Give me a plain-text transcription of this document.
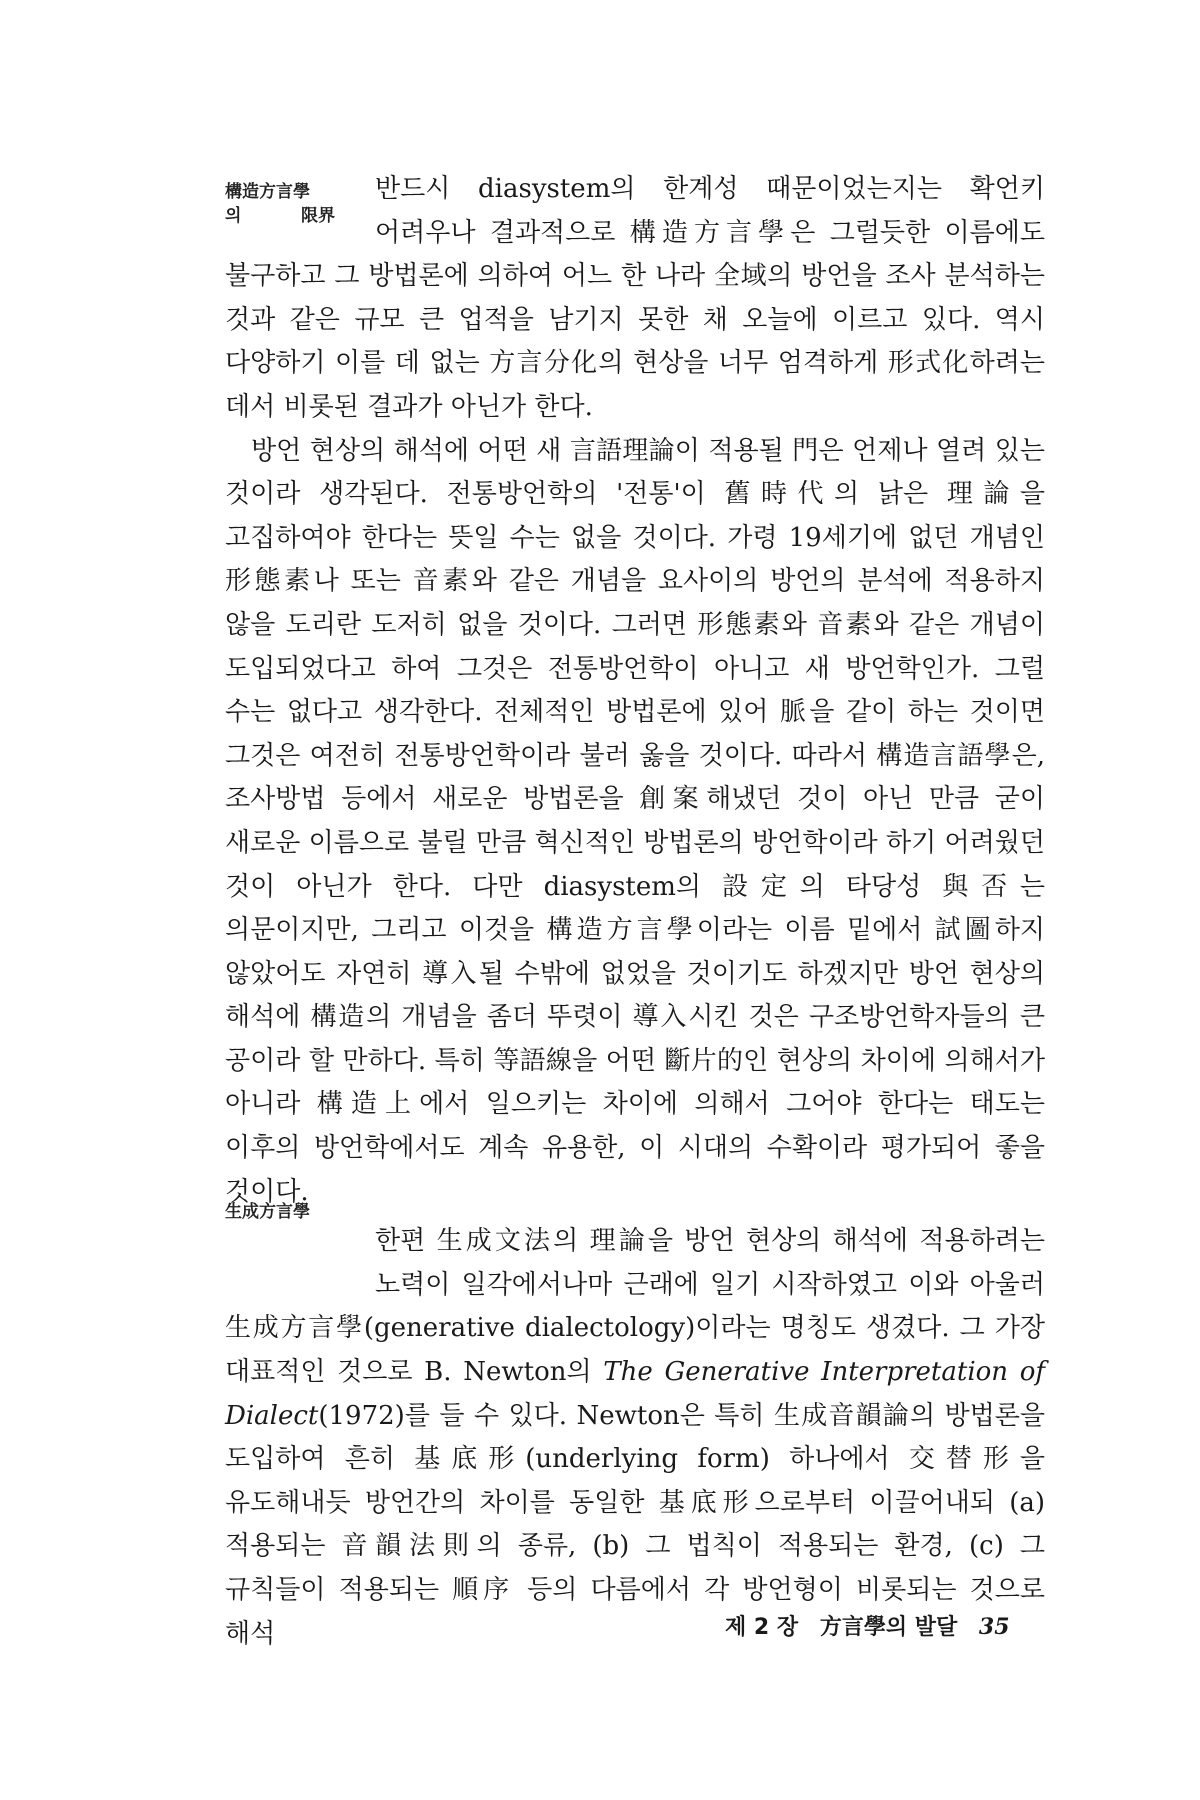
構造方言學
의	限界
生成方言學

반드시 diasystem의 한계성 때문이었는지는 확언키 어려우나 결과적으로 構造方言學은 그럴듯한 이름에도 불구하고 그 방법론에 의하여 어느 한 나라 全域의 방언을 조사 분석하는 것과 같은 규모 큰 업적을 남기지 못한 채 오늘에 이르고 있다. 역시 다양하기 이를 데 없는 方言分化의 현상을 너무 엄격하게 形式化하려는 데서 비롯된 결과가 아닌가 한다.

방언 현상의 해석에 어떤 새 言語理論이 적용될 門은 언제나 열려 있는 것이라 생각된다. 전통방언학의 '전통'이 舊時代의 낡은 理論을 고집하여야 한다는 뜻일 수는 없을 것이다. 가령 19세기에 없던 개념인 形態素나 또는 音素와 같은 개념을 요사이의 방언의 분석에 적용하지 않을 도리란 도저히 없을 것이다. 그러면 形態素와 音素와 같은 개념이 도입되었다고 하여 그것은 전통방언학이 아니고 새 방언학인가. 그럴 수는 없다고 생각한다. 전체적인 방법론에 있어 脈을 같이 하는 것이면 그것은 여전히 전통방언학이라 불러 옳을 것이다. 따라서 構造言語學은, 조사방법 등에서 새로운 방법론을 創案해냈던 것이 아닌 만큼 굳이 새로운 이름으로 불릴 만큼 혁신적인 방법론의 방언학이라 하기 어려웠던 것이 아닌가 한다. 다만 diasystem의 設定의 타당성 與否는 의문이지만, 그리고 이것을 構造方言學이라는 이름 밑에서 試圖하지 않았어도 자연히 導入될 수밖에 없었을 것이기도 하겠지만 방언 현상의 해석에 構造의 개념을 좀더 뚜렷이 導入시킨 것은 구조방언학자들의 큰 공이라 할 만하다. 특히 等語線을 어떤 斷片的인 현상의 차이에 의해서가 아니라 構造上에서 일으키는 차이에 의해서 그어야 한다는 태도는 이후의 방언학에서도 계속 유용한, 이 시대의 수확이라 평가되어 좋을 것이다.

한편 生成文法의 理論을 방언 현상의 해석에 적용하려는 노력이 일각에서나마 근래에 일기 시작하였고 이와 아울러 生成方言學(generative dialectology)이라는 명칭도 생겼다. 그 가장 대표적인 것으로 B. Newton의 The Generative Interpretation of Dialect(1972)를 들 수 있다. Newton은 특히 生成音韻論의 방법론을 도입하여 흔히 基底形(underlying form) 하나에서 交替形을 유도해내듯 방언간의 차이를 동일한 基底形으로부터 이끌어내되 (a) 적용되는 音韻法則의 종류, (b) 그 법칙이 적용되는 환경, (c) 그 규칙들이 적용되는 順序 등의 다름에서 각 방언형이 비롯되는 것으로 해석	제 2 장 方言學의 발달 35
